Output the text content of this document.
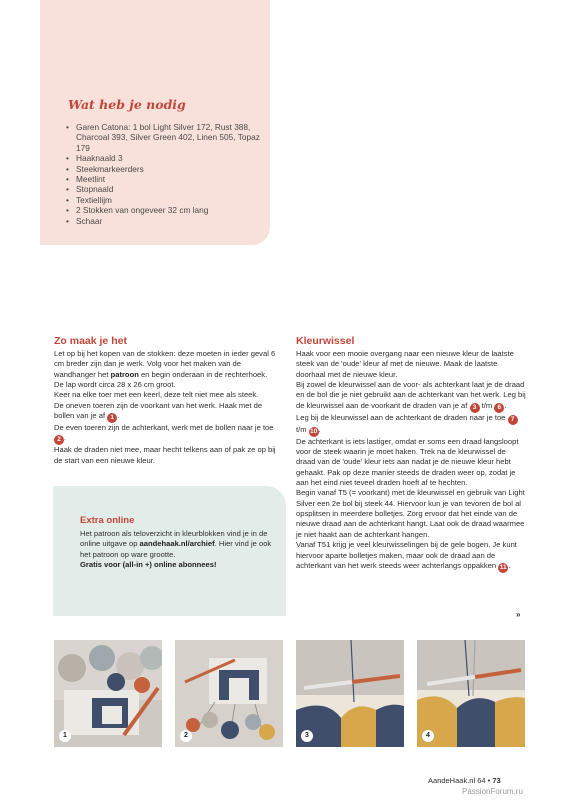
Wat heb je nodig
• Garen Catona: 1 bol Light Silver 172, Rust 388, Charcoal 393, Silver Green 402, Linen 505, Topaz 179
• Haaknaald 3
• Steekmarkeerders
• Meetlint
• Stopnaald
• Textiellijm
• 2 Stokken van ongeveer 32 cm lang
• Schaar
Zo maak je het

Let op bij het kopen van de stokken: deze moeten in ieder geval 6 cm breder zijn dan je werk. Volg voor het maken van de wandhanger het patroon en begin onderaan in de rechterhoek. De lap wordt circa 28 x 26 cm groot.

Keer na elke toer met een keerl, deze telt niet mee als steek.

De oneven toeren zijn de voorkant van het werk. Haak met de bollen van je af 1 .

De even toeren zijn de achterkant, werk met de bollen naar je toe 2 .

Haak de draden niet mee, maar hecht telkens aan of pak ze op bij de start van een nieuwe kleur.

Extra online
Het patroon als teloverzicht in kleurblokken vind je in de online uitgave op aandehaak.nl/archief. Hier vind je ook het patroon op ware grootte.
Gratis voor (all-in +) online abonnees!
Kleurwissel

Haak voor een mooie overgang naar een nieuwe kleur de laatste steek van de 'oude' kleur af met de nieuwe. Maak de laatste doorhaal met de nieuwe kleur.

Bij zowel de kleurwissel aan de voor- als achterkant laat je de draad en de bol die je niet gebruikt aan de achterkant van het werk. Leg bij de kleurwissel aan de voorkant de draden van je af 3 t/m 6 .

Leg bij de kleurwissel aan de achterkant de draden naar je toe 7 t/m 10.

De achterkant is iets lastiger, omdat er soms een draad langsloopt voor de steek waarin je moet haken. Trek na de kleurwissel de draad van de 'oude' kleur iets aan nadat je de nieuwe kleur hebt gehaakt. Pak op deze manier steeds de draden weer op, zodat je aan het eind niet teveel draden hoeft af te hechten.

Begin vanaf T5 (= voorkant) met de kleurwissel en gebruik van Light Silver een 2e bol bij steek 44. Hiervoor kun je van tevoren de bol al opsplitsen in meerdere bolletjes. Zorg ervoor dat het einde van de nieuwe draad aan de achterkant hangt. Laat ook de draad waarmee je niet haakt aan de achterkant hangen.

Vanaf T51 krijg je veel kleurwisselingen bij de gele bogen. Je kunt hiervoor aparte bolletjes maken, maar ook de draad aan de achterkant van het werk steeds weer achterlangs oppakken 11 .

»
1	2	3	4
AandeHaak.nl 64 • 73
PassionForum.ru
